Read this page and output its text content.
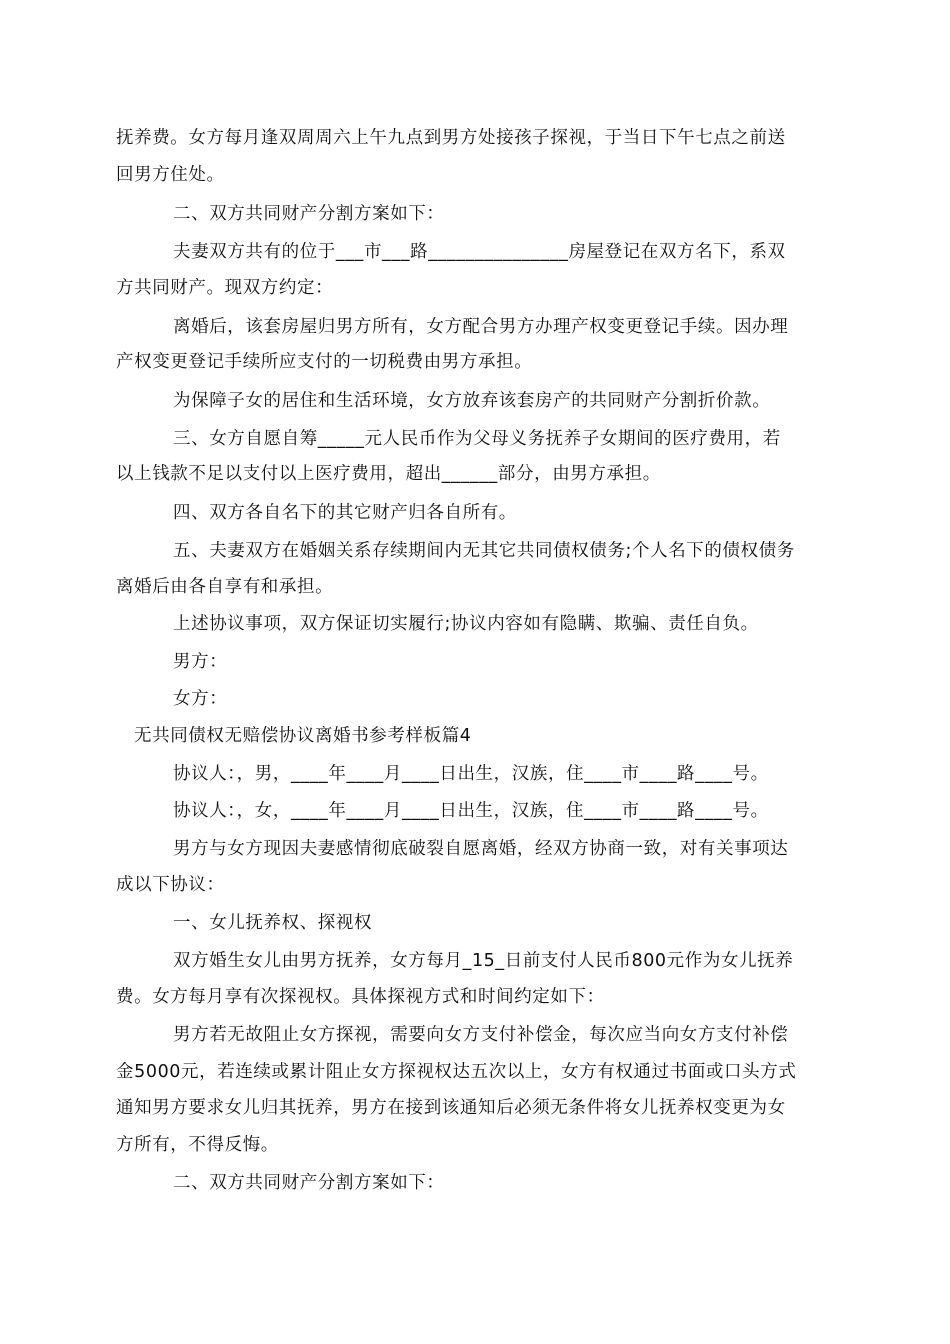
抚养费。女方每月逢双周周六上午九点到男方处接孩子探视，于当日下午七点之前送
回男方住处。
二、双方共同财产分割方案如下：
夫妻双方共有的位于___市___路_______________房屋登记在双方名下，系双
方共同财产。现双方约定：
离婚后，该套房屋归男方所有，女方配合男方办理产权变更登记手续。因办理
产权变更登记手续所应支付的一切税费由男方承担。
为保障子女的居住和生活环境，女方放弃该套房产的共同财产分割折价款。
三、女方自愿自筹_____元人民币作为父母义务抚养子女期间的医疗费用，若
以上钱款不足以支付以上医疗费用，超出______部分，由男方承担。
四、双方各自名下的其它财产归各自所有。
五、夫妻双方在婚姻关系存续期间内无其它共同债权债务;个人名下的债权债务
离婚后由各自享有和承担。
上述协议事项，双方保证切实履行;协议内容如有隐瞒、欺骗、责任自负。
男方：
女方：
无共同债权无赔偿协议离婚书参考样板篇4
协议人：，男，____年____月____日出生，汉族，住____市____路____号。
协议人：，女，____年____月____日出生，汉族，住____市____路____号。
男方与女方现因夫妻感情彻底破裂自愿离婚，经双方协商一致，对有关事项达
成以下协议：
一、女儿抚养权、探视权
双方婚生女儿由男方抚养，女方每月_15_日前支付人民币800元作为女儿抚养
费。女方每月享有次探视权。具体探视方式和时间约定如下：
男方若无故阻止女方探视，需要向女方支付补偿金，每次应当向女方支付补偿
金5000元，若连续或累计阻止女方探视权达五次以上，女方有权通过书面或口头方式
通知男方要求女儿归其抚养，男方在接到该通知后必须无条件将女儿抚养权变更为女
方所有，不得反悔。
二、双方共同财产分割方案如下：
